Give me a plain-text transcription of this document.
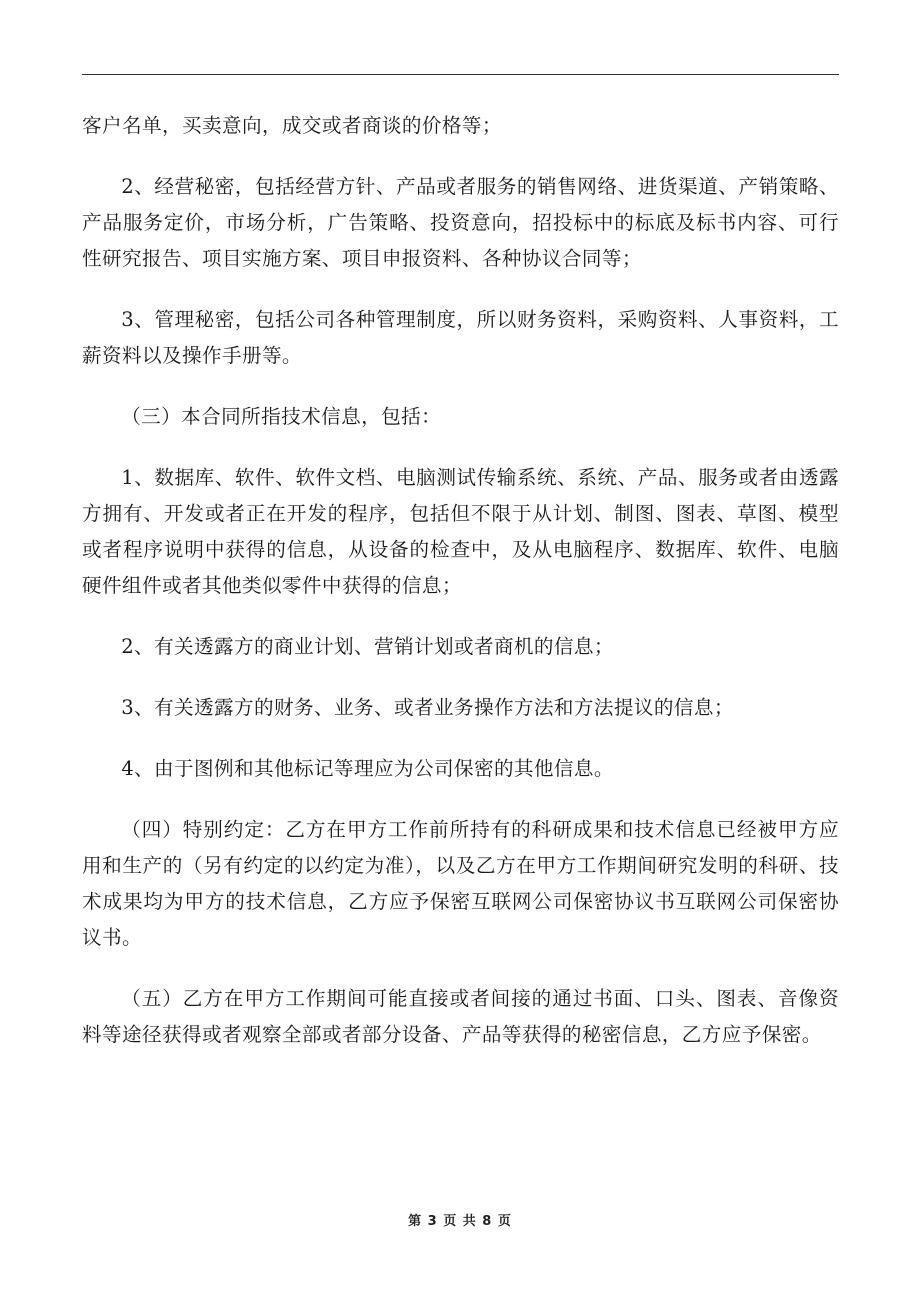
客户名单，买卖意向，成交或者商谈的价格等；

2、经营秘密，包括经营方针、产品或者服务的销售网络、进货渠道、产销策略、产品服务定价，市场分析，广告策略、投资意向，招投标中的标底及标书内容、可行性研究报告、项目实施方案、项目申报资料、各种协议合同等；

3、管理秘密，包括公司各种管理制度，所以财务资料，采购资料、人事资料，工薪资料以及操作手册等。

（三）本合同所指技术信息，包括：

1、数据库、软件、软件文档、电脑测试传输系统、系统、产品、服务或者由透露方拥有、开发或者正在开发的程序，包括但不限于从计划、制图、图表、草图、模型或者程序说明中获得的信息，从设备的检查中，及从电脑程序、数据库、软件、电脑硬件组件或者其他类似零件中获得的信息；

2、有关透露方的商业计划、营销计划或者商机的信息；

3、有关透露方的财务、业务、或者业务操作方法和方法提议的信息；

4、由于图例和其他标记等理应为公司保密的其他信息。

（四）特别约定：乙方在甲方工作前所持有的科研成果和技术信息已经被甲方应用和生产的（另有约定的以约定为准），以及乙方在甲方工作期间研究发明的科研、技术成果均为甲方的技术信息，乙方应予保密互联网公司保密协议书互联网公司保密协议书。

（五）乙方在甲方工作期间可能直接或者间接的通过书面、口头、图表、音像资料等途径获得或者观察全部或者部分设备、产品等获得的秘密信息，乙方应予保密。

第 3 页 共 8 页
